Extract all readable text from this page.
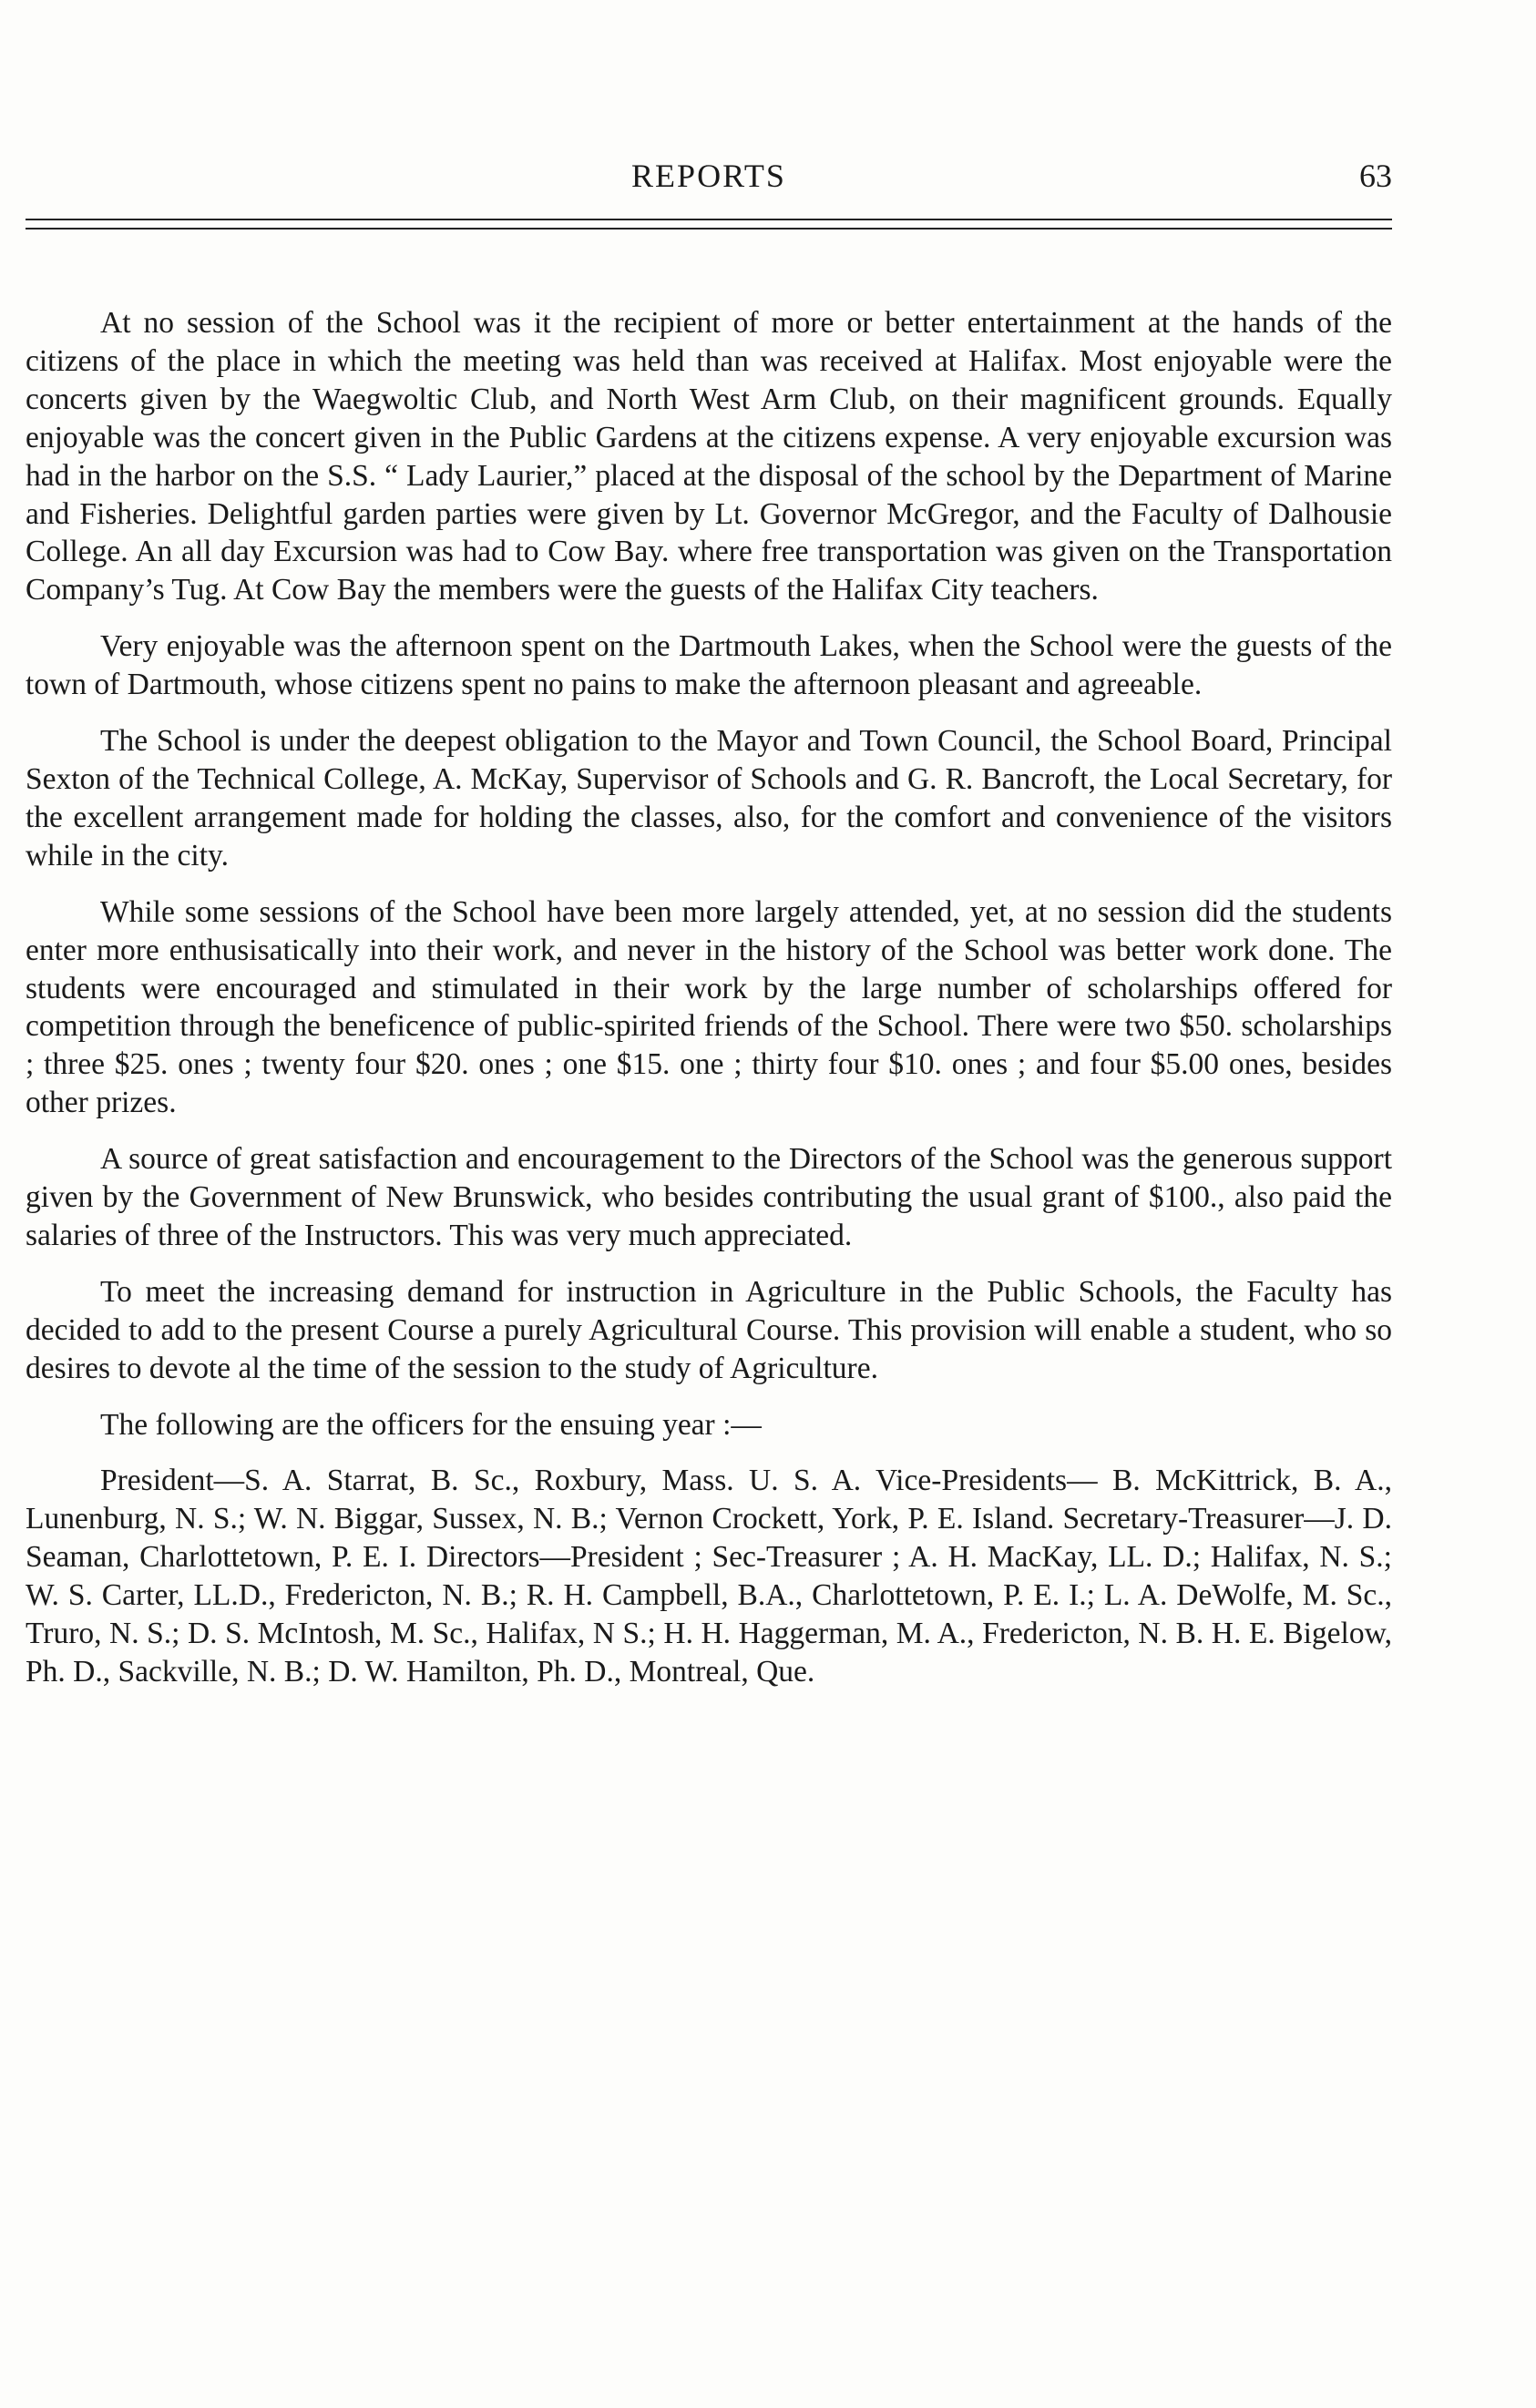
REPORTS	63

At no session of the School was it the recipient of more or better entertainment at the hands of the citizens of the place in which the meeting was held than was received at Halifax. Most enjoyable were the concerts given by the Waegwoltic Club, and North West Arm Club, on their magnificent grounds. Equally enjoyable was the concert given in the Public Gardens at the citizens expense. A very enjoyable excursion was had in the harbor on the S.S. “ Lady Laurier,” placed at the disposal of the school by the Department of Marine and Fisheries. Delightful garden parties were given by Lt. Governor McGregor, and the Faculty of Dalhousie College. An all day Excursion was had to Cow Bay. where free transportation was given on the Transportation Company’s Tug. At Cow Bay the members were the guests of the Halifax City teachers.

Very enjoyable was the afternoon spent on the Dartmouth Lakes, when the School were the guests of the town of Dartmouth, whose citizens spent no pains to make the afternoon pleasant and agreeable.

The School is under the deepest obligation to the Mayor and Town Council, the School Board, Principal Sexton of the Technical College, A. McKay, Supervisor of Schools and G. R. Bancroft, the Local Secretary, for the excellent arrangement made for holding the classes, also, for the comfort and convenience of the visitors while in the city.

While some sessions of the School have been more largely attended, yet, at no session did the students enter more enthusisatically into their work, and never in the history of the School was better work done. The students were encouraged and stimulated in their work by the large number of scholarships offered for competition through the beneficence of public-spirited friends of the School. There were two $50. scholarships ; three $25. ones ; twenty four $20. ones ; one $15. one ; thirty four $10. ones ; and four $5.00 ones, besides other prizes.

A source of great satisfaction and encouragement to the Directors of the School was the generous support given by the Government of New Brunswick, who besides contributing the usual grant of $100., also paid the salaries of three of the Instructors. This was very much appreciated.

To meet the increasing demand for instruction in Agriculture in the Public Schools, the Faculty has decided to add to the present Course a purely Agricultural Course. This provision will enable a student, who so desires to devote al the time of the session to the study of Agriculture.

The following are the officers for the ensuing year :—

President—S. A. Starrat, B. Sc., Roxbury, Mass. U. S. A. Vice-Presidents— B. McKittrick, B. A., Lunenburg, N. S.; W. N. Biggar, Sussex, N. B.; Vernon Crockett, York, P. E. Island. Secretary-Treasurer—J. D. Seaman, Charlottetown, P. E. I. Directors—President ; Sec-Treasurer ; A. H. MacKay, LL. D.; Halifax, N. S.; W. S. Carter, LL.D., Fredericton, N. B.; R. H. Campbell, B.A., Charlottetown, P. E. I.; L. A. DeWolfe, M. Sc., Truro, N. S.; D. S. McIntosh, M. Sc., Halifax, N S.; H. H. Haggerman, M. A., Fredericton, N. B. H. E. Bigelow, Ph. D., Sackville, N. B.; D. W. Hamilton, Ph. D., Montreal, Que.
